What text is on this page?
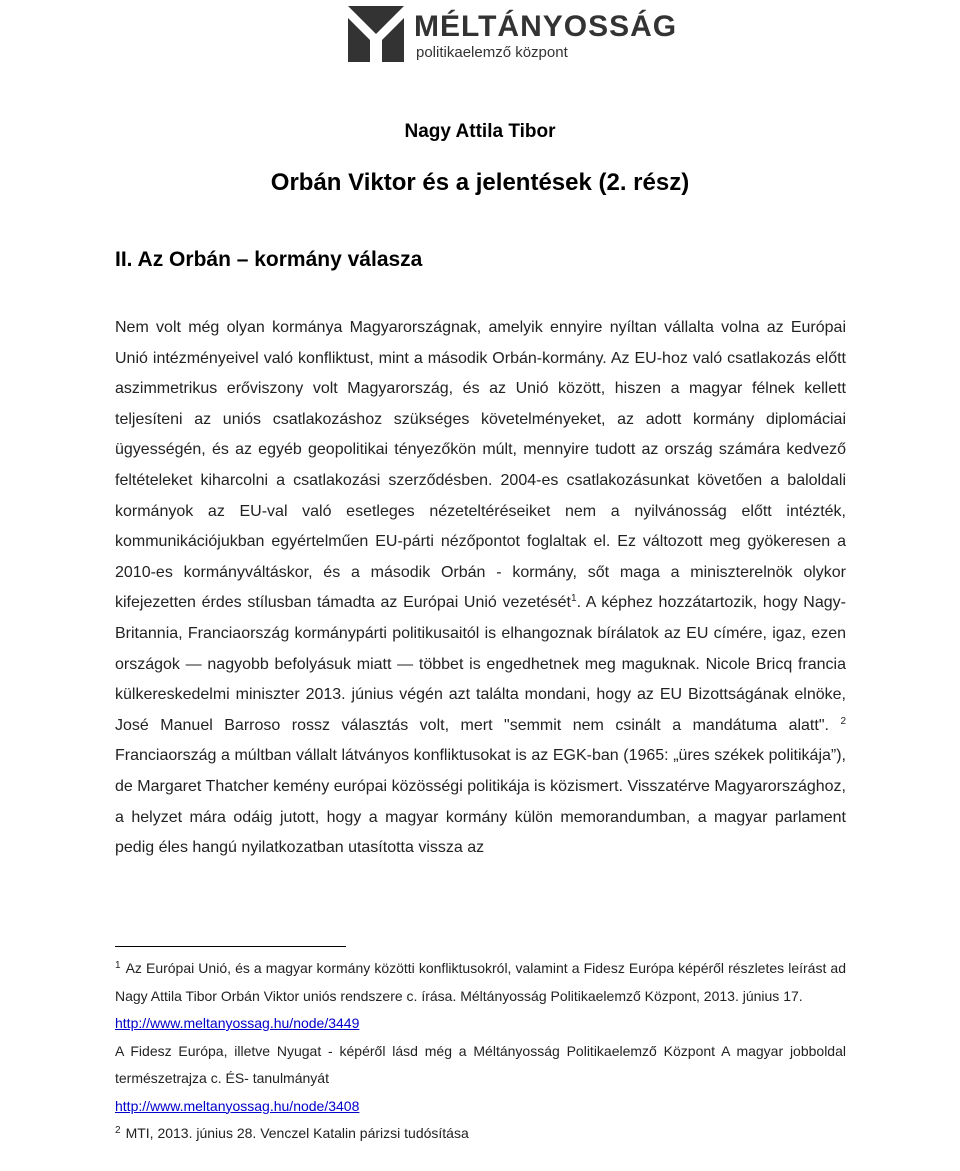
MÉLTÁNYOSSÁG
politikaelemző központ
Nagy Attila Tibor
Orbán Viktor és a jelentések (2. rész)
II. Az Orbán – kormány válasza

Nem volt még olyan kormánya Magyarországnak, amelyik ennyire nyíltan vállalta volna az Európai Unió intézményeivel való konfliktust, mint a második Orbán-kormány. Az EU-hoz való csatlakozás előtt aszimmetrikus erőviszony volt Magyarország, és az Unió között, hiszen a magyar félnek kellett teljesíteni az uniós csatlakozáshoz szükséges követelményeket, az adott kormány diplomáciai ügyességén, és az egyéb geopolitikai tényezőkön múlt, mennyire tudott az ország számára kedvező feltételeket kiharcolni a csatlakozási szerződésben. 2004-es csatlakozásunkat követően a baloldali kormányok az EU-val való esetleges nézeteltéréseiket nem a nyilvánosság előtt intézték, kommunikációjukban egyértelműen EU-párti nézőpontot foglaltak el. Ez változott meg gyökeresen a 2010-es kormányváltáskor, és a második Orbán - kormány, sőt maga a miniszterelnök olykor kifejezetten érdes stílusban támadta az Európai Unió vezetését$^1$. A képhez hozzátartozik, hogy Nagy- Britannia, Franciaország kormánypárti politikusaitól is elhangoznak bírálatok az EU címére, igaz, ezen országok — nagyobb befolyásuk miatt — többet is engedhetnek meg maguknak. Nicole Bricq francia külkereskedelmi miniszter 2013. június végén azt találta mondani, hogy az EU Bizottságának elnöke, José Manuel Barroso rossz választás volt, mert "semmit nem csinált a mandátuma alatt". $^2$ Franciaország a múltban vállalt látványos konfliktusokat is az EGK-ban (1965: „üres székek politikája”), de Margaret Thatcher kemény európai közösségi politikája is közismert. Visszatérve Magyarországhoz, a helyzet mára odáig jutott, hogy a magyar kormány külön memorandumban, a magyar parlament pedig éles hangú nyilatkozatban utasította vissza az

$^1$ Az Európai Unió, és a magyar kormány közötti konfliktusokról, valamint a Fidesz Európa képéről részletes leírást ad Nagy Attila Tibor Orbán Viktor uniós rendszere c. írása. Méltányosság Politikaelemző Központ, 2013. június 17.

http://www.meltanyossag.hu/node/3449

A Fidesz Európa, illetve Nyugat - képéről lásd még a Méltányosság Politikaelemző Központ A magyar jobboldal természetrajza c. ÉS- tanulmányát

http://www.meltanyossag.hu/node/3408

$^2$ MTI, 2013. június 28. Venczel Katalin párizsi tudósítása
